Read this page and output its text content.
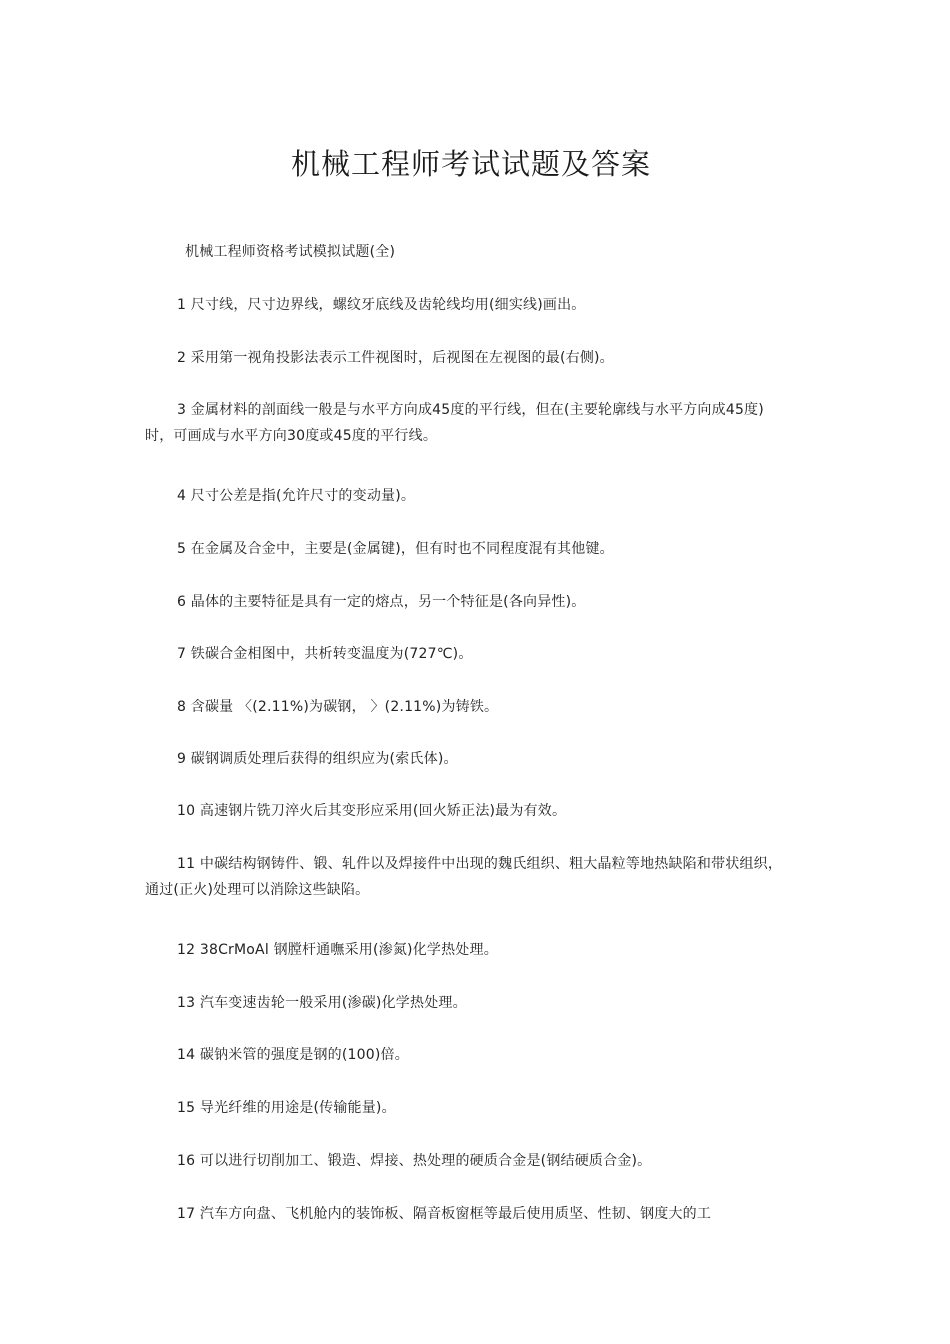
机械工程师考试试题及答案
机械工程师资格考试模拟试题(全)
1 尺寸线，尺寸边界线，螺纹牙底线及齿轮线均用(细实线)画出。
2 采用第一视角投影法表示工件视图时，后视图在左视图的最(右侧)。
3 金属材料的剖面线一般是与水平方向成45度的平行线，但在(主要轮廓线与水平方向成45度)时，可画成与水平方向30度或45度的平行线。
4 尺寸公差是指(允许尺寸的变动量)。
5 在金属及合金中，主要是(金属键)，但有时也不同程度混有其他键。
6 晶体的主要特征是具有一定的熔点，另一个特征是(各向异性)。
7 铁碳合金相图中，共析转变温度为(727℃)。
8 含碳量 〈(2.11%)为碳钢， 〉(2.11%)为铸铁。
9 碳钢调质处理后获得的组织应为(索氏体)。
10 高速钢片铣刀淬火后其变形应采用(回火矫正法)最为有效。
11 中碳结构钢铸件、锻、轧件以及焊接件中出现的魏氏组织、粗大晶粒等地热缺陷和带状组织，通过(正火)处理可以消除这些缺陷。
12 38CrMoAl 钢膛杆通嘸采用(渗氮)化学热处理。
13 汽车变速齿轮一般采用(渗碳)化学热处理。
14 碳钠米管的强度是钢的(100)倍。
15 导光纤维的用途是(传输能量)。
16 可以进行切削加工、锻造、焊接、热处理的硬质合金是(钢结硬质合金)。
17 汽车方向盘、飞机舱内的装饰板、隔音板窗框等最后使用质坚、性韧、钢度大的工
